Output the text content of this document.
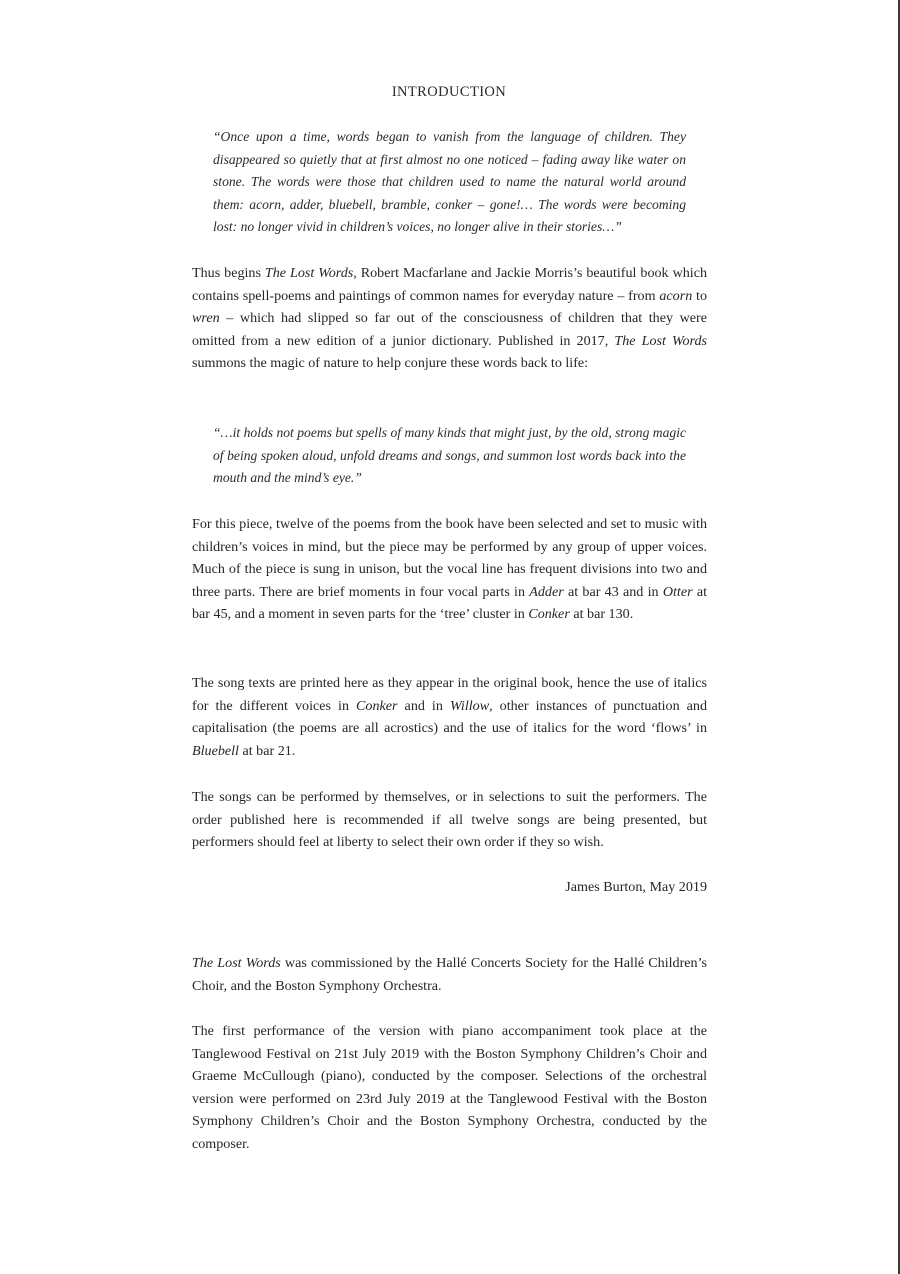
INTRODUCTION
“Once upon a time, words began to vanish from the language of children. They disappeared so quietly that at first almost no one noticed – fading away like water on stone. The words were those that children used to name the natural world around them: acorn, adder, bluebell, bramble, conker – gone!… The words were becoming lost: no longer vivid in children’s voices, no longer alive in their stories…”
Thus begins The Lost Words, Robert Macfarlane and Jackie Morris’s beautiful book which contains spell-poems and paintings of common names for everyday nature – from acorn to wren – which had slipped so far out of the consciousness of children that they were omitted from a new edition of a junior dictionary. Published in 2017, The Lost Words summons the magic of nature to help conjure these words back to life:
“…it holds not poems but spells of many kinds that might just, by the old, strong magic of being spoken aloud, unfold dreams and songs, and summon lost words back into the mouth and the mind’s eye.”
For this piece, twelve of the poems from the book have been selected and set to music with children’s voices in mind, but the piece may be performed by any group of upper voices. Much of the piece is sung in unison, but the vocal line has frequent divisions into two and three parts. There are brief moments in four vocal parts in Adder at bar 43 and in Otter at bar 45, and a moment in seven parts for the ‘tree’ cluster in Conker at bar 130.
The song texts are printed here as they appear in the original book, hence the use of italics for the different voices in Conker and in Willow, other instances of punctuation and capitalisation (the poems are all acrostics) and the use of italics for the word ‘flows’ in Bluebell at bar 21.
The songs can be performed by themselves, or in selections to suit the performers. The order published here is recommended if all twelve songs are being presented, but performers should feel at liberty to select their own order if they so wish.
James Burton, May 2019
The Lost Words was commissioned by the Hallé Concerts Society for the Hallé Children’s Choir, and the Boston Symphony Orchestra.
The first performance of the version with piano accompaniment took place at the Tanglewood Festival on 21st July 2019 with the Boston Symphony Children’s Choir and Graeme McCullough (piano), conducted by the composer. Selections of the orchestral version were performed on 23rd July 2019 at the Tanglewood Festival with the Boston Symphony Children’s Choir and the Boston Symphony Orchestra, conducted by the composer.
